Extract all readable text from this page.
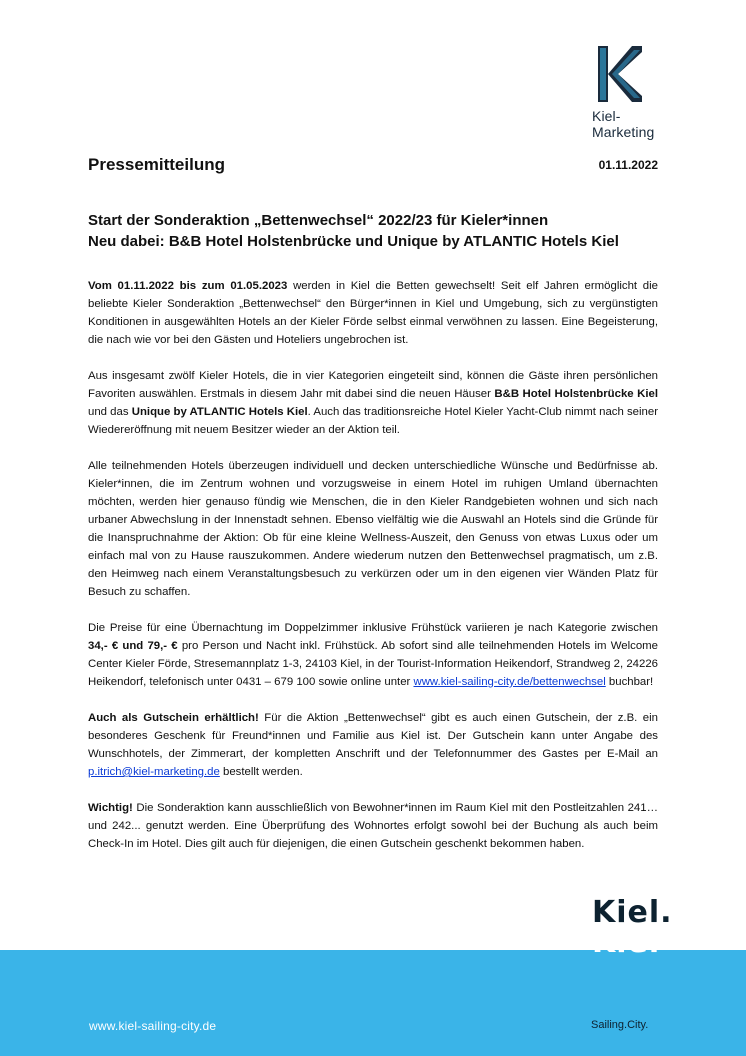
Kiel-Marketing
Pressemitteilung	01.11.2022
Start der Sonderaktion „Bettenwechsel“ 2022/23 für Kieler*innen
Neu dabei: B&B Hotel Holstenbrücke und Unique by ATLANTIC Hotels Kiel

Vom 01.11.2022 bis zum 01.05.2023 werden in Kiel die Betten gewechselt! Seit elf Jahren ermöglicht die beliebte Kieler Sonderaktion „Bettenwechsel“ den Bürger*innen in Kiel und Umgebung, sich zu vergünstigten Konditionen in ausgewählten Hotels an der Kieler Förde selbst einmal verwöhnen zu lassen. Eine Begeisterung, die nach wie vor bei den Gästen und Hoteliers ungebrochen ist.

Aus insgesamt zwölf Kieler Hotels, die in vier Kategorien eingeteilt sind, können die Gäste ihren persönlichen Favoriten auswählen. Erstmals in diesem Jahr mit dabei sind die neuen Häuser B&B Hotel Holstenbrücke Kiel und das Unique by ATLANTIC Hotels Kiel. Auch das traditionsreiche Hotel Kieler Yacht-Club nimmt nach seiner Wiedereröffnung mit neuem Besitzer wieder an der Aktion teil.

Alle teilnehmenden Hotels überzeugen individuell und decken unterschiedliche Wünsche und Bedürfnisse ab. Kieler*innen, die im Zentrum wohnen und vorzugsweise in einem Hotel im ruhigen Umland übernachten möchten, werden hier genauso fündig wie Menschen, die in den Kieler Randgebieten wohnen und sich nach urbaner Abwechslung in der Innenstadt sehnen. Ebenso vielfältig wie die Auswahl an Hotels sind die Gründe für die Inanspruchnahme der Aktion: Ob für eine kleine Wellness-Auszeit, den Genuss von etwas Luxus oder um einfach mal von zu Hause rauszukommen. Andere wiederum nutzen den Bettenwechsel pragmatisch, um z.B. den Heimweg nach einem Veranstaltungsbesuch zu verkürzen oder um in den eigenen vier Wänden Platz für Besuch zu schaffen.

Die Preise für eine Übernachtung im Doppelzimmer inklusive Frühstück variieren je nach Kategorie zwischen 34,- € und 79,- € pro Person und Nacht inkl. Frühstück. Ab sofort sind alle teilnehmenden Hotels im Welcome Center Kieler Förde, Stresemannplatz 1-3, 24103 Kiel, in der Tourist-Information Heikendorf, Strandweg 2, 24226 Heikendorf, telefonisch unter 0431 – 679 100 sowie online unter www.kiel-sailing-city.de/bettenwechsel buchbar!

Auch als Gutschein erhältlich! Für die Aktion „Bettenwechsel“ gibt es auch einen Gutschein, der z.B. ein besonderes Geschenk für Freund*innen und Familie aus Kiel ist. Der Gutschein kann unter Angabe des Wunschhotels, der Zimmerart, der kompletten Anschrift und der Telefonnummer des Gastes per E-Mail an p.itrich@kiel-marketing.de bestellt werden.

Wichtig! Die Sonderaktion kann ausschließlich von Bewohner*innen im Raum Kiel mit den Postleitzahlen 241… und 242... genutzt werden. Eine Überprüfung des Wohnortes erfolgt sowohl bei der Buchung als auch beim Check-In im Hotel. Dies gilt auch für diejenigen, die einen Gutschein geschenkt bekommen haben.

www.kiel-sailing-city.de	Sailing.City.
Kiel.
Kiel
